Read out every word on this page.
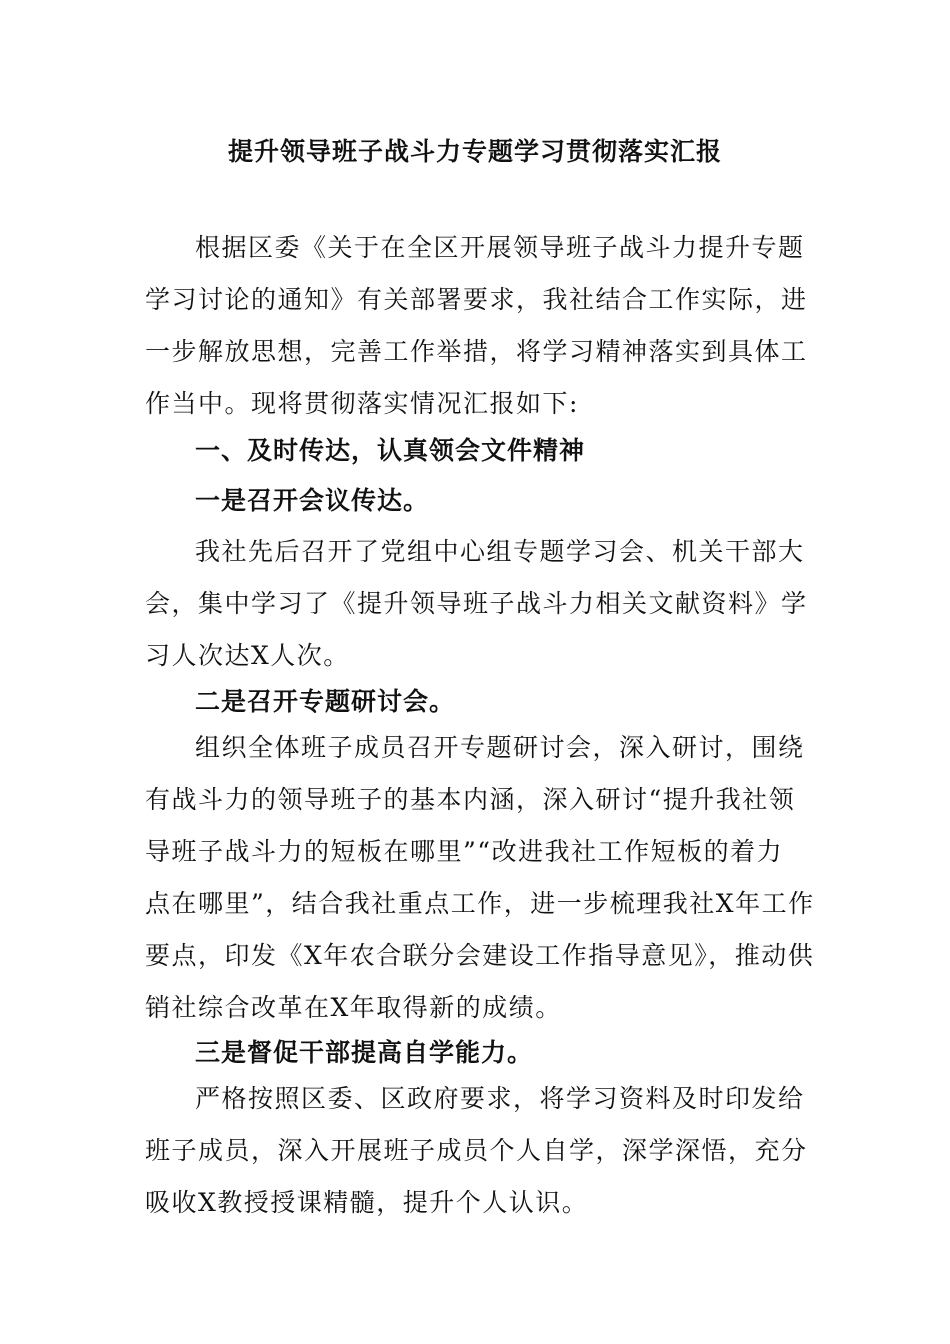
提升领导班子战斗力专题学习贯彻落实汇报
根据区委《关于在全区开展领导班子战斗力提升专题
学习讨论的通知》有关部署要求，我社结合工作实际，进
一步解放思想，完善工作举措，将学习精神落实到具体工
作当中。现将贯彻落实情况汇报如下:
一、及时传达，认真领会文件精神
一是召开会议传达。
我社先后召开了党组中心组专题学习会、机关干部大
会，集中学习了《提升领导班子战斗力相关文献资料》学
习人次达X人次。
二是召开专题研讨会。
组织全体班子成员召开专题研讨会，深入研讨，围绕
有战斗力的领导班子的基本内涵，深入研讨“提升我社领
导班子战斗力的短板在哪里”“改进我社工作短板的着力
点在哪里”，结合我社重点工作，进一步梳理我社X年工作
要点，印发《X年农合联分会建设工作指导意见》，推动供
销社综合改革在X年取得新的成绩。
三是督促干部提高自学能力。
严格按照区委、区政府要求，将学习资料及时印发给
班子成员，深入开展班子成员个人自学，深学深悟，充分
吸收X教授授课精髓，提升个人认识。
